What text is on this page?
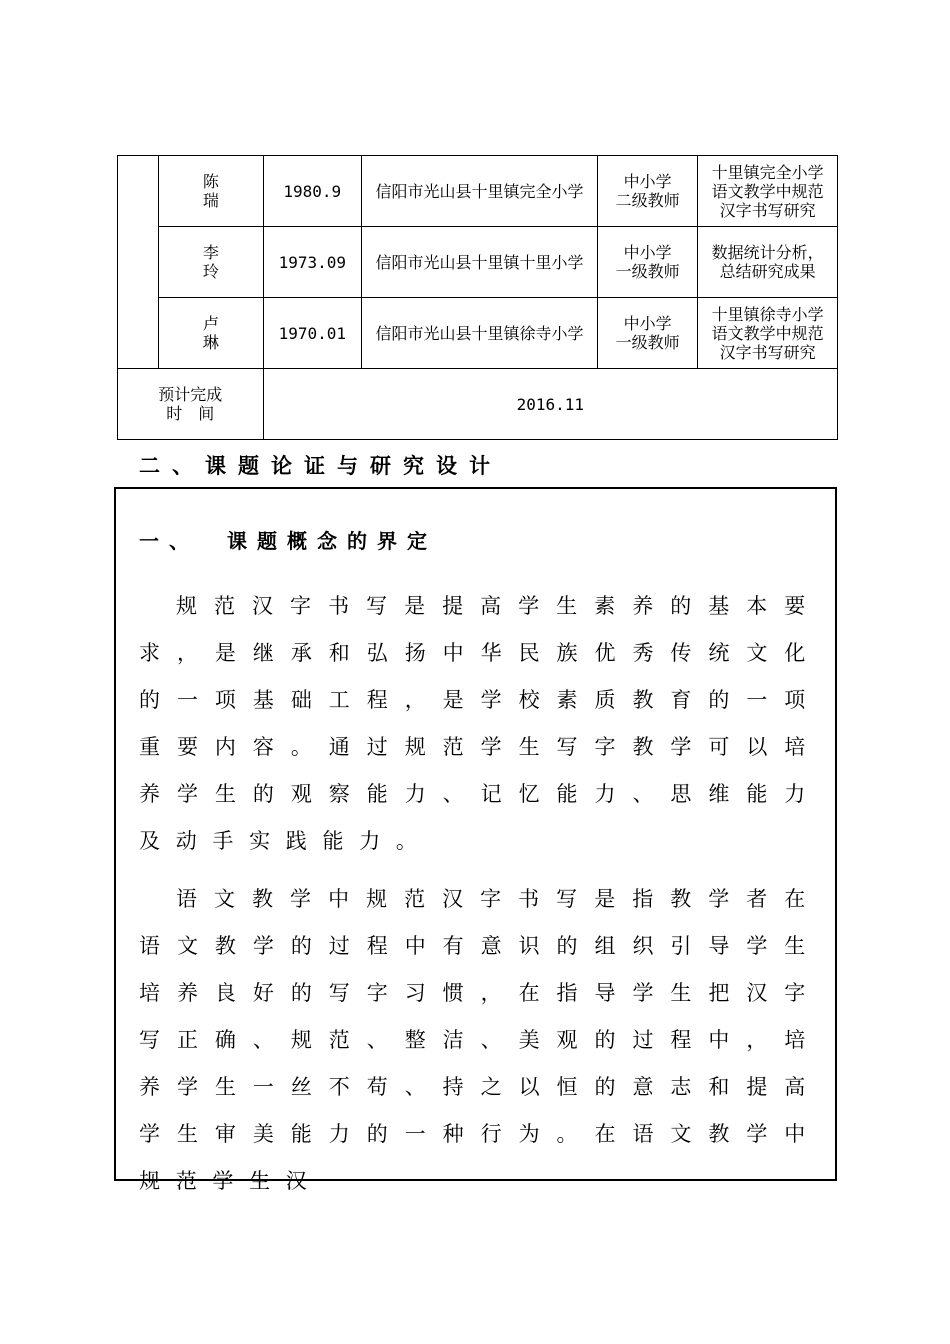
	陈 瑞	1980.9	信阳市光山县十里镇完全小学	中小学
二级教师	十里镇完全小学
语文教学中规范
汉字书写研究
	李 玲	1973.09	信阳市光山县十里镇十里小学	中小学
一级教师	数据统计分析，
总结研究成果
	卢 琳	1970.01	信阳市光山县十里镇徐寺小学	中小学
一级教师	十里镇徐寺小学
语文教学中规范
汉字书写研究
预计完成
时　间		2016.11			
二、课题论证与研究设计
一、 课题概念的界定
规范汉字书写是提高学生素养的基本要求，是继承和弘扬中华民族优秀传统文化的一项基础工程，是学校素质教育的一项重要内容。通过规范学生写字教学可以培养学生的观察能力、记忆能力、思维能力及动手实践能力。
语文教学中规范汉字书写是指教学者在语文教学的过程中有意识的组织引导学生培养良好的写字习惯，在指导学生把汉字写正确、规范、整洁、美观的过程中，培养学生一丝不苟、持之以恒的意志和提高学生审美能力的一种行为。在语文教学中规范学生汉
